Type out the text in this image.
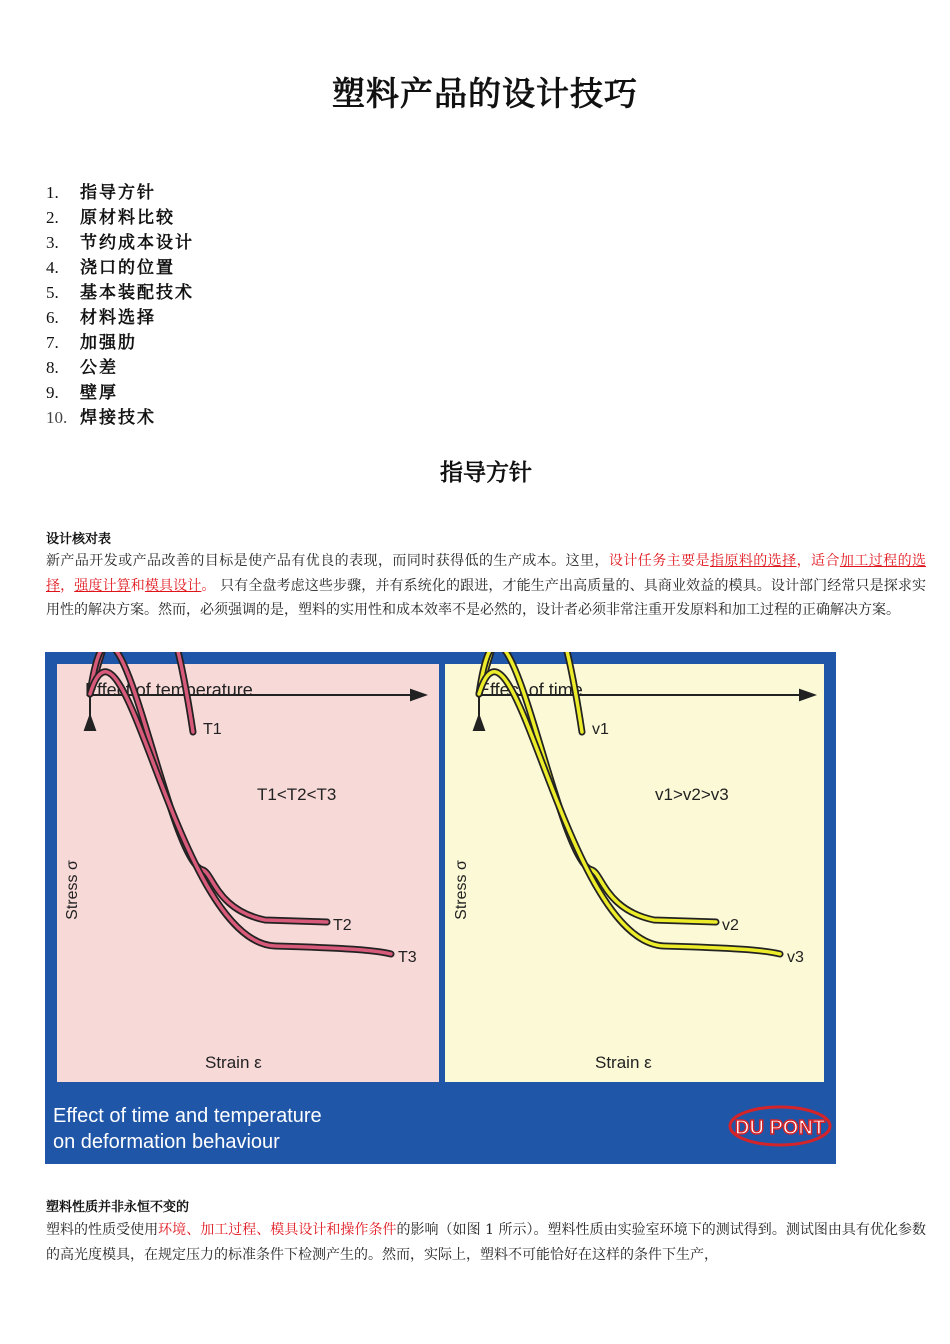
塑料产品的设计技巧
1. 指导方针
2. 原材料比较
3. 节约成本设计
4. 浇口的位置
5. 基本装配技术
6. 材料选择
7. 加强肋
8. 公差
9. 壁厚
10. 焊接技术
指导方针
设计核对表
新产品开发或产品改善的目标是使产品有优良的表现，而同时获得低的生产成本。这里，设计任务主要是指原料的选择，适合加工过程的选择，强度计算和模具设计。 只有全盘考虑这些步骤，并有系统化的跟进，才能生产出高质量的、具商业效益的模具。设计部门经常只是探求实用性的解决方案。然而，必须强调的是，塑料的实用性和成本效率不是必然的，设计者必须非常注重开发原料和加工过程的正确解决方案。
Effect of temperature
T1<T2<T3
Stress σ
Strain ε
T1
T2
T3
Effect of time
v1>v2>v3
Stress σ
Strain ε
v1
v2
v3
Effect of time and temperature
on deformation behaviour
DU PONT
塑料性质并非永恒不变的
塑料的性质受使用环境、加工过程、模具设计和操作条件的影响（如图 1 所示）。塑料性质由实验室环境下的测试得到。测试图由具有优化参数的高光度模具，在规定压力的标准条件下检测产生的。然而，实际上，塑料不可能恰好在这样的条件下生产，
